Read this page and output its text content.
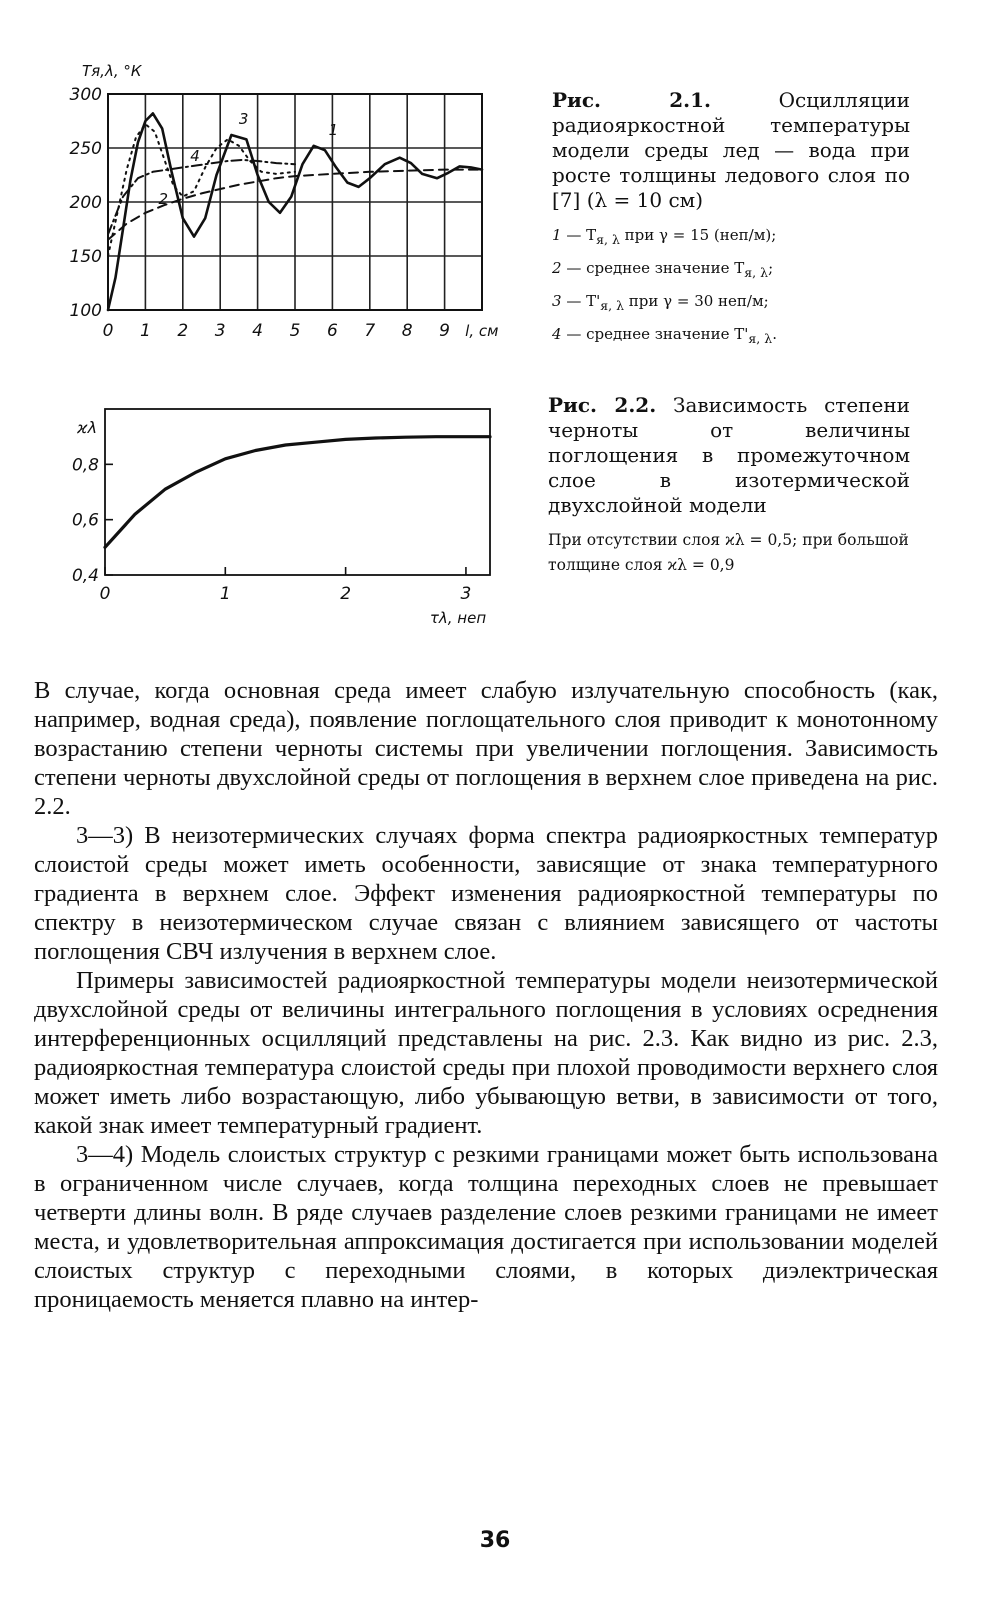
300
250
200
150
100
0 1 2 3 4 5 6 7 8 9
Tя,λ, °К
l, см
1
2
3
4

Рис. 2.1.	Осцилляции радиояркостной температуры модели среды лед — вода при росте толщины ледового слоя по [7] (λ = 10 см)

1 — $T_{я, \lambda}$ при γ = 15 (неп/м);
2 — среднее значение $T_{я, \lambda}$;
3 — $T'_{я, \lambda}$ при γ = 30 неп/м;
4 — среднее значение $T'_{я, \lambda}$.
0,8
0,6
0,4
0	1	2	3
ϰλ
τλ, неп

Рис. 2.2. Зависимость степени черноты от величины поглощения в промежуточном слое в изотермической двухслойной модели

При отсутствии слоя ϰλ = 0,5; при большой толщине слоя ϰλ = 0,9

В случае, когда основная среда имеет слабую излучательную способность (как, например, водная среда), появление поглощательного слоя приводит к монотонному возрастанию степени черноты системы при увеличении поглощения. Зависимость степени черноты двухслойной среды от поглощения в верхнем слое приведена на рис. 2.2.

3—3) В неизотермических случаях форма спектра радиояркостных температур слоистой среды может иметь особенности, зависящие от знака температурного градиента в верхнем слое. Эффект изменения радиояркостной температуры по спектру в неизотермическом случае связан с влиянием зависящего от частоты поглощения СВЧ излучения в верхнем слое.

Примеры зависимостей радиояркостной температуры модели неизотермической двухслойной среды от величины интегрального поглощения в условиях осреднения интерференционных осцилляций представлены на рис. 2.3. Как видно из рис. 2.3, радиояркостная температура слоистой среды при плохой проводимости верхнего слоя может иметь либо возрастающую, либо убывающую ветви, в зависимости от того, какой знак имеет температурный градиент.

3—4) Модель слоистых структур с резкими границами может быть использована в ограниченном числе случаев, когда толщина переходных слоев не превышает четверти длины волн. В ряде случаев разделение слоев резкими границами не имеет места, и удовлетворительная аппроксимация достигается при использовании моделей слоистых структур с переходными слоями, в которых диэлектрическая проницаемость меняется плавно на интер-

36
